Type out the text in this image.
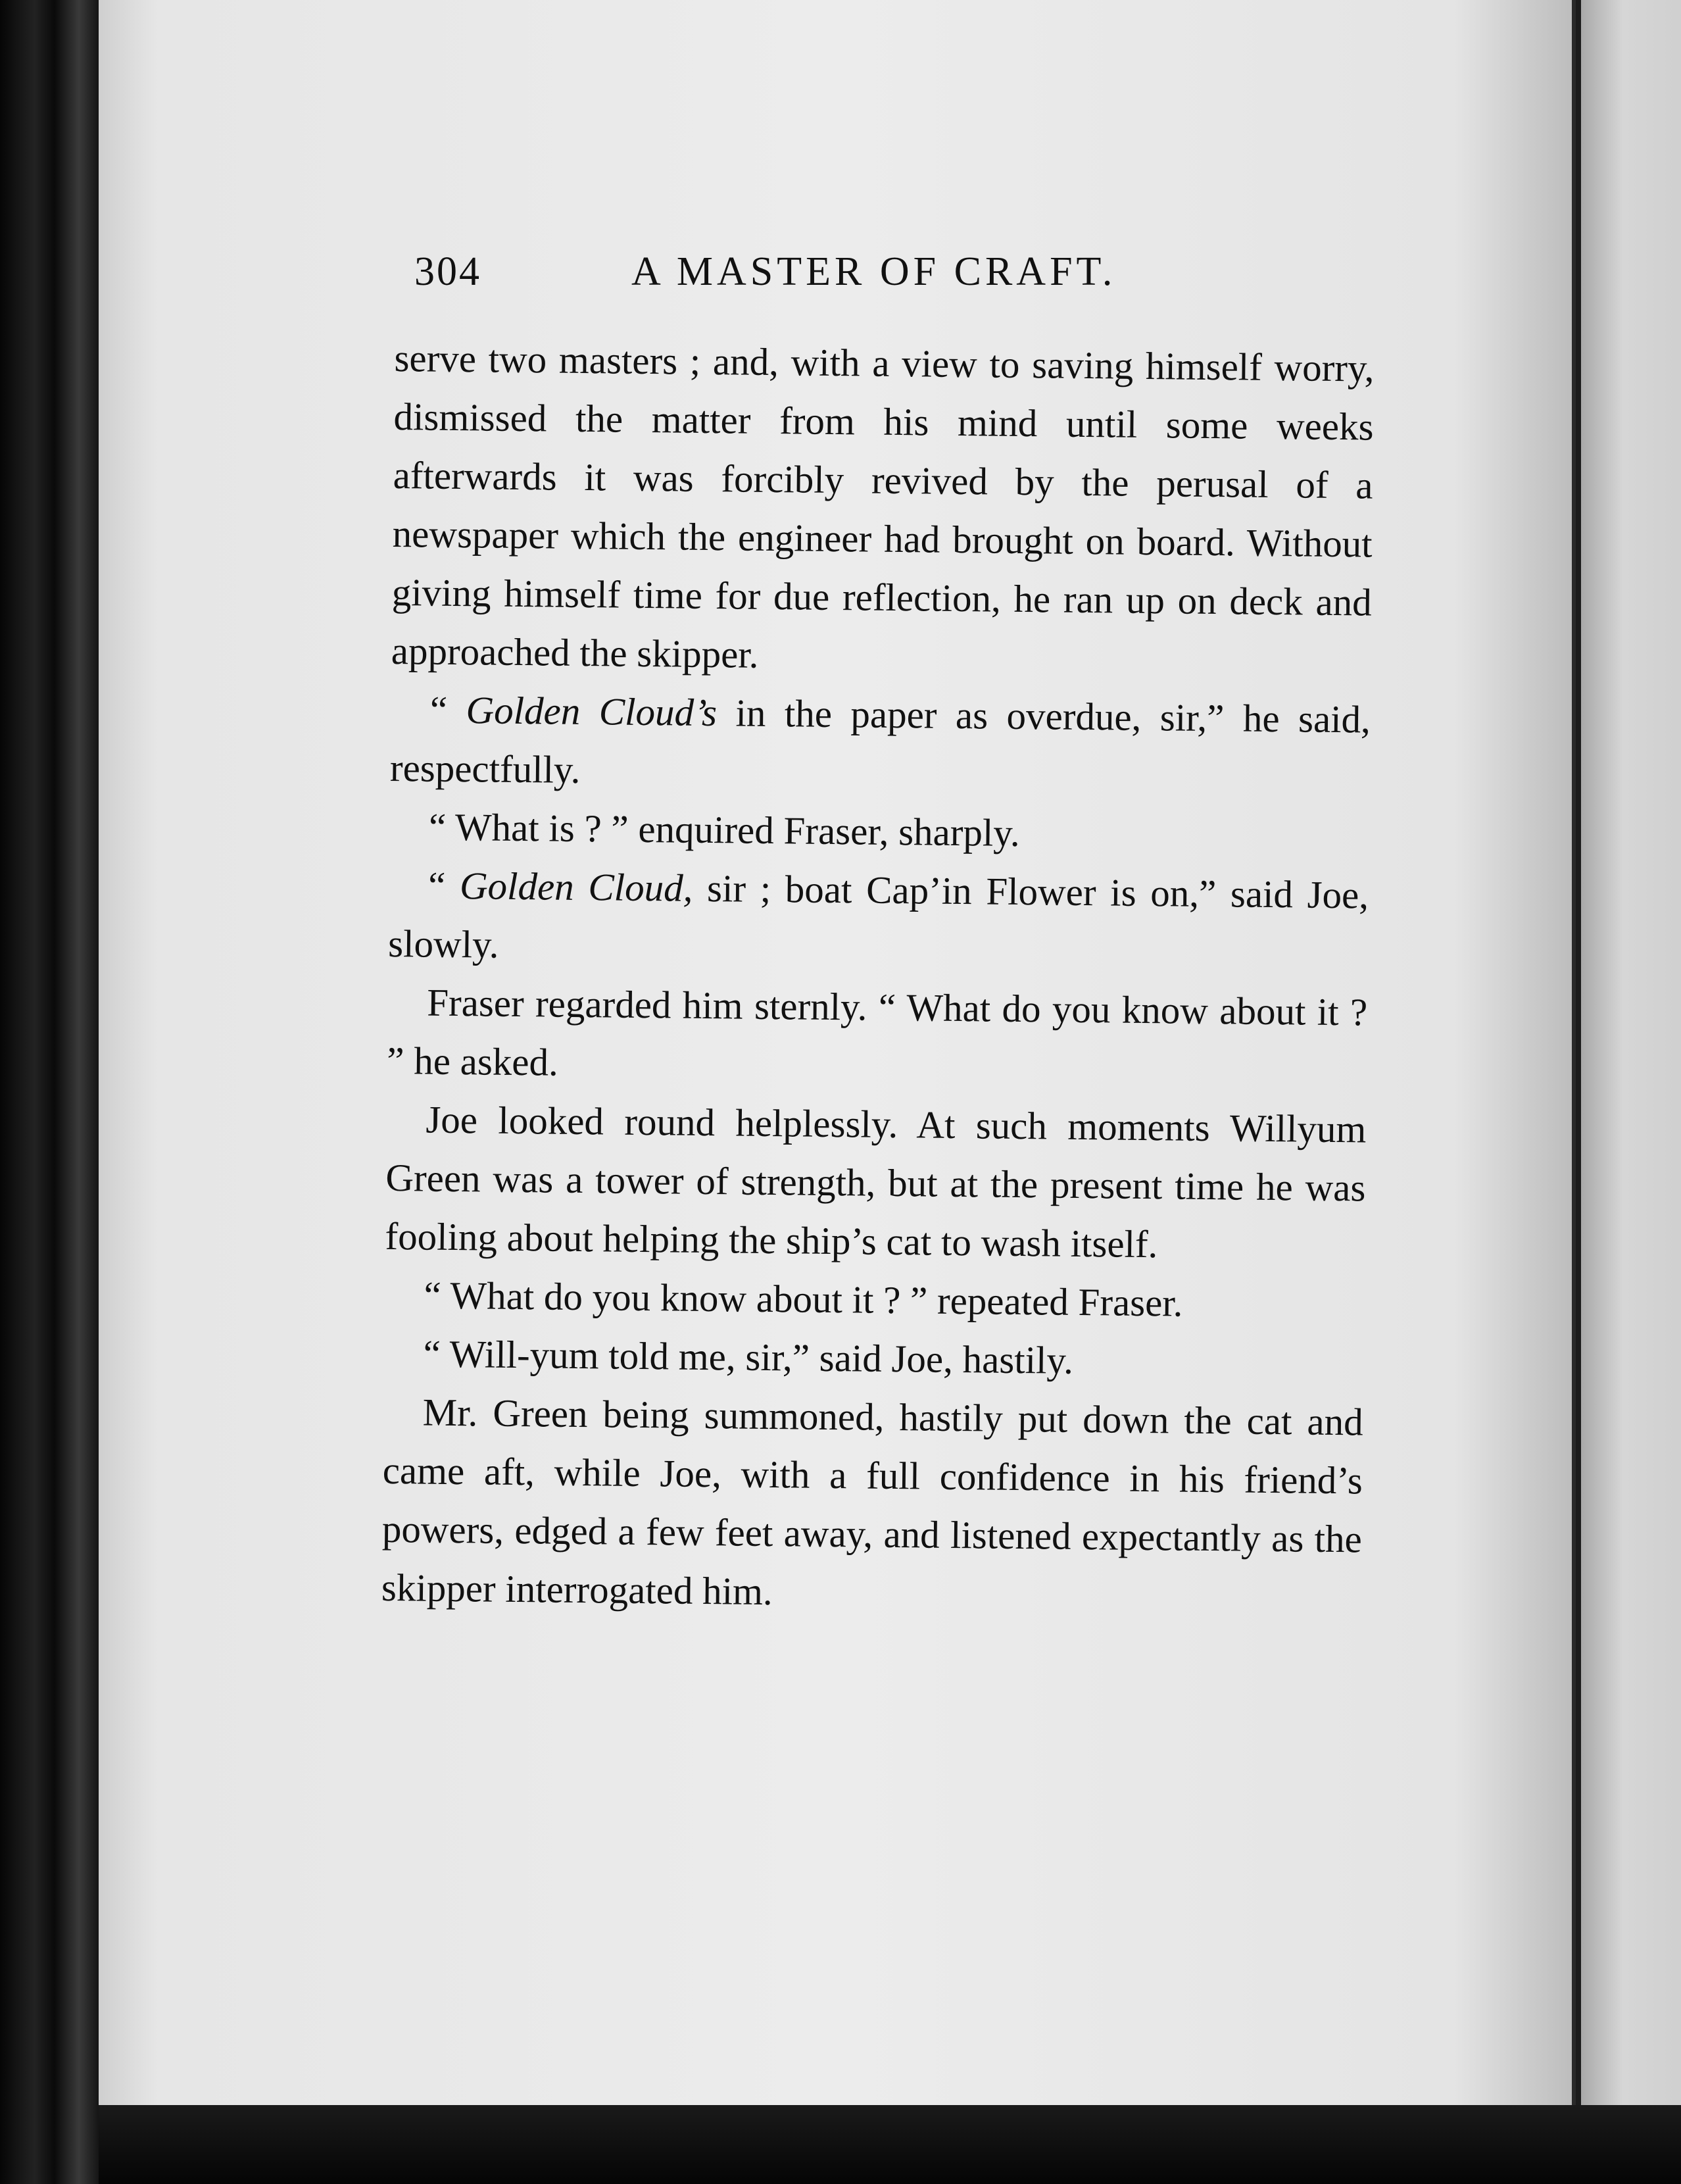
304	A MASTER OF CRAFT.

serve two masters ; and, with a view to saving himself worry, dismissed the matter from his mind until some weeks afterwards it was forcibly revived by the perusal of a newspaper which the engineer had brought on board. Without giving himself time for due reflection, he ran up on deck and approached the skipper.

“ Golden Cloud’s in the paper as overdue, sir,” he said, respectfully.

“ What is ? ” enquired Fraser, sharply.

“ Golden Cloud, sir ; boat Cap’in Flower is on,” said Joe, slowly.

Fraser regarded him sternly. “ What do you know about it ? ” he asked.

Joe looked round helplessly. At such moments Willyum Green was a tower of strength, but at the present time he was fooling about helping the ship’s cat to wash itself.

“ What do you know about it ? ” repeated Fraser.

“ Will-yum told me, sir,” said Joe, hastily.

Mr. Green being summoned, hastily put down the cat and came aft, while Joe, with a full confidence in his friend’s powers, edged a few feet away, and listened expectantly as the skipper interrogated him.
